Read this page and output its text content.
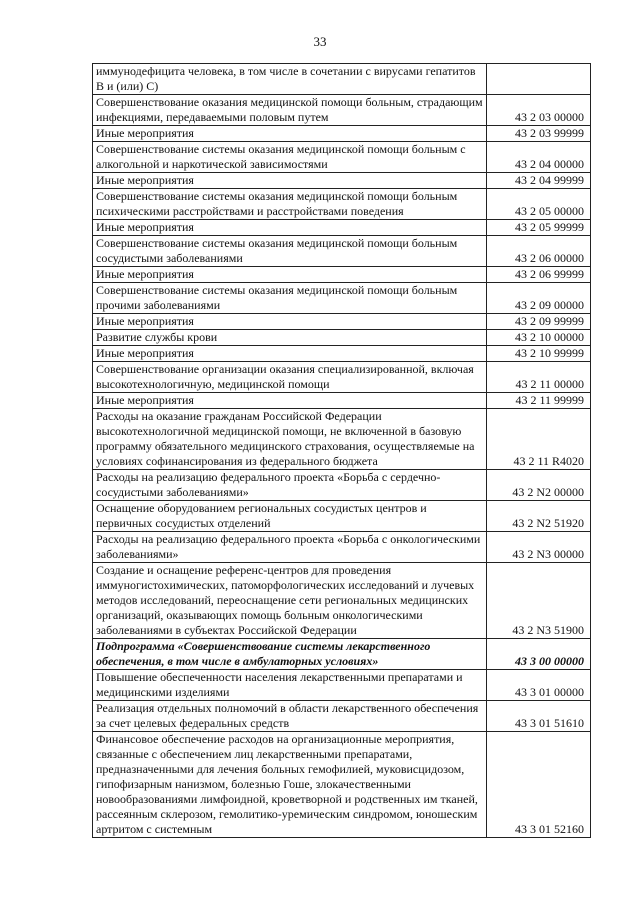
33
иммунодефицита человека, в том числе в сочетании с вирусами гепатитов B и (или) C)	
Совершенствование оказания медицинской помощи больным, страдающим инфекциями, передаваемыми половым путем	43 2 03 00000
Иные мероприятия	43 2 03 99999
Совершенствование системы оказания медицинской помощи больным с алкогольной и наркотической зависимостями	43 2 04 00000
Иные мероприятия	43 2 04 99999
Совершенствование системы оказания медицинской помощи больным психическими расстройствами и расстройствами поведения	43 2 05 00000
Иные мероприятия	43 2 05 99999
Совершенствование системы оказания медицинской помощи больным сосудистыми заболеваниями	43 2 06 00000
Иные мероприятия	43 2 06 99999
Совершенствование системы оказания медицинской помощи больным прочими заболеваниями	43 2 09 00000
Иные мероприятия	43 2 09 99999
Развитие службы крови	43 2 10 00000
Иные мероприятия	43 2 10 99999
Совершенствование организации оказания специализированной, включая высокотехнологичную, медицинской помощи	43 2 11 00000
Иные мероприятия	43 2 11 99999
Расходы на оказание гражданам Российской Федерации высокотехнологичной медицинской помощи, не включенной в базовую программу обязательного медицинского страхования, осуществляемые на условиях софинансирования из федерального бюджета	43 2 11 R4020
Расходы на реализацию федерального проекта «Борьба с сердечно-сосудистыми заболеваниями»	43 2 N2 00000
Оснащение оборудованием региональных сосудистых центров и первичных сосудистых отделений	43 2 N2 51920
Расходы на реализацию федерального проекта «Борьба с онкологическими заболеваниями»	43 2 N3 00000
Создание и оснащение референс-центров для проведения иммуногистохимических, патоморфологических исследований и лучевых методов исследований, переоснащение сети региональных медицинских организаций, оказывающих помощь больным онкологическими заболеваниями в субъектах Российской Федерации	43 2 N3 51900
Подпрограмма «Совершенствование системы лекарственного обеспечения, в том числе в амбулаторных условиях»	43 3 00 00000
Повышение обеспеченности населения лекарственными препаратами и медицинскими изделиями	43 3 01 00000
Реализация отдельных полномочий в области лекарственного обеспечения за счет целевых федеральных средств	43 3 01 51610
Финансовое обеспечение расходов на организационные мероприятия, связанные с обеспечением лиц лекарственными препаратами, предназначенными для лечения больных гемофилией, муковисцидозом, гипофизарным нанизмом, болезнью Гоше, злокачественными новообразованиями лимфоидной, кроветворной и родственных им тканей, рассеянным склерозом, гемолитико-уремическим синдромом, юношеским артритом с системным	43 3 01 52160
